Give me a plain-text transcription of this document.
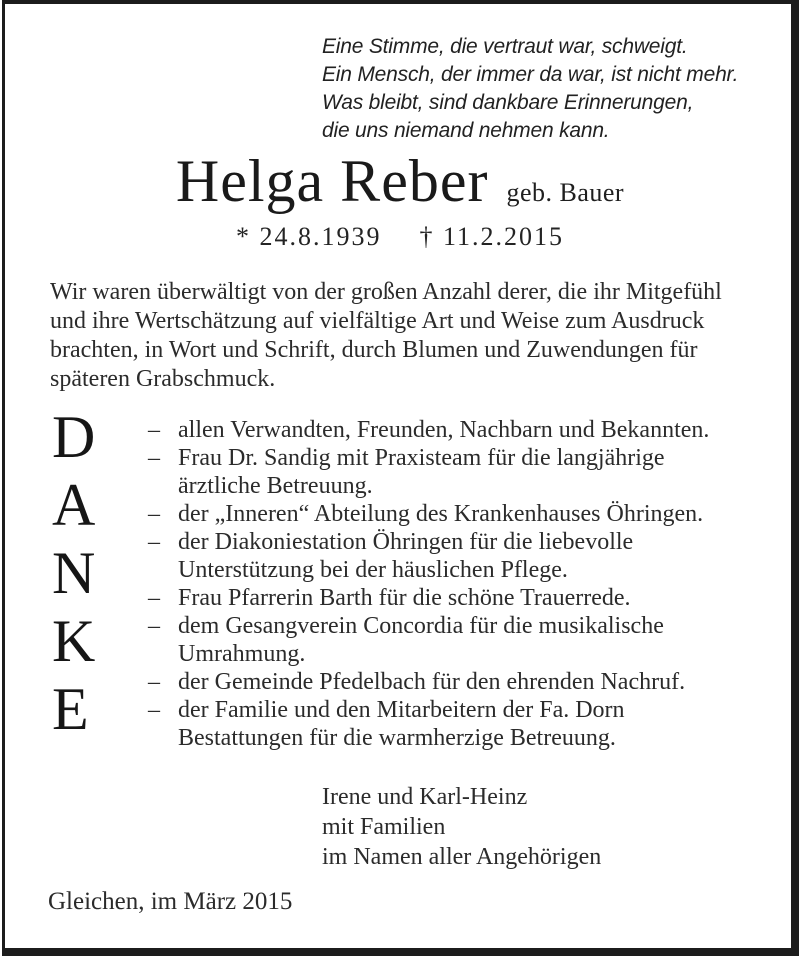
Eine Stimme, die vertraut war, schweigt.
Ein Mensch, der immer da war, ist nicht mehr.
Was bleibt, sind dankbare Erinnerungen,
die uns niemand nehmen kann.
Helga Reber geb. Bauer
* 24.8.1939 † 11.2.2015

Wir waren überwältigt von der großen Anzahl derer, die ihr Mitgefühl und ihre Wertschätzung auf vielfältige Art und Weise zum Ausdruck brachten, in Wort und Schrift, durch Blumen und Zuwendungen für späteren Grabschmuck.

D
A
N
K
E
– allen Verwandten, Freunden, Nachbarn und Bekannten.
– Frau Dr. Sandig mit Praxisteam für die langjährige ärztliche Betreuung.
– der „Inneren“ Abteilung des Krankenhauses Öhringen.
– der Diakoniestation Öhringen für die liebevolle Unterstützung bei der häuslichen Pflege.
– Frau Pfarrerin Barth für die schöne Trauerrede.
– dem Gesangverein Concordia für die musikalische Umrahmung.
– der Gemeinde Pfedelbach für den ehrenden Nachruf.
– der Familie und den Mitarbeitern der Fa. Dorn Bestattungen für die warmherzige Betreuung.
Irene und Karl-Heinz
mit Familien
im Namen aller Angehörigen
Gleichen, im März 2015
